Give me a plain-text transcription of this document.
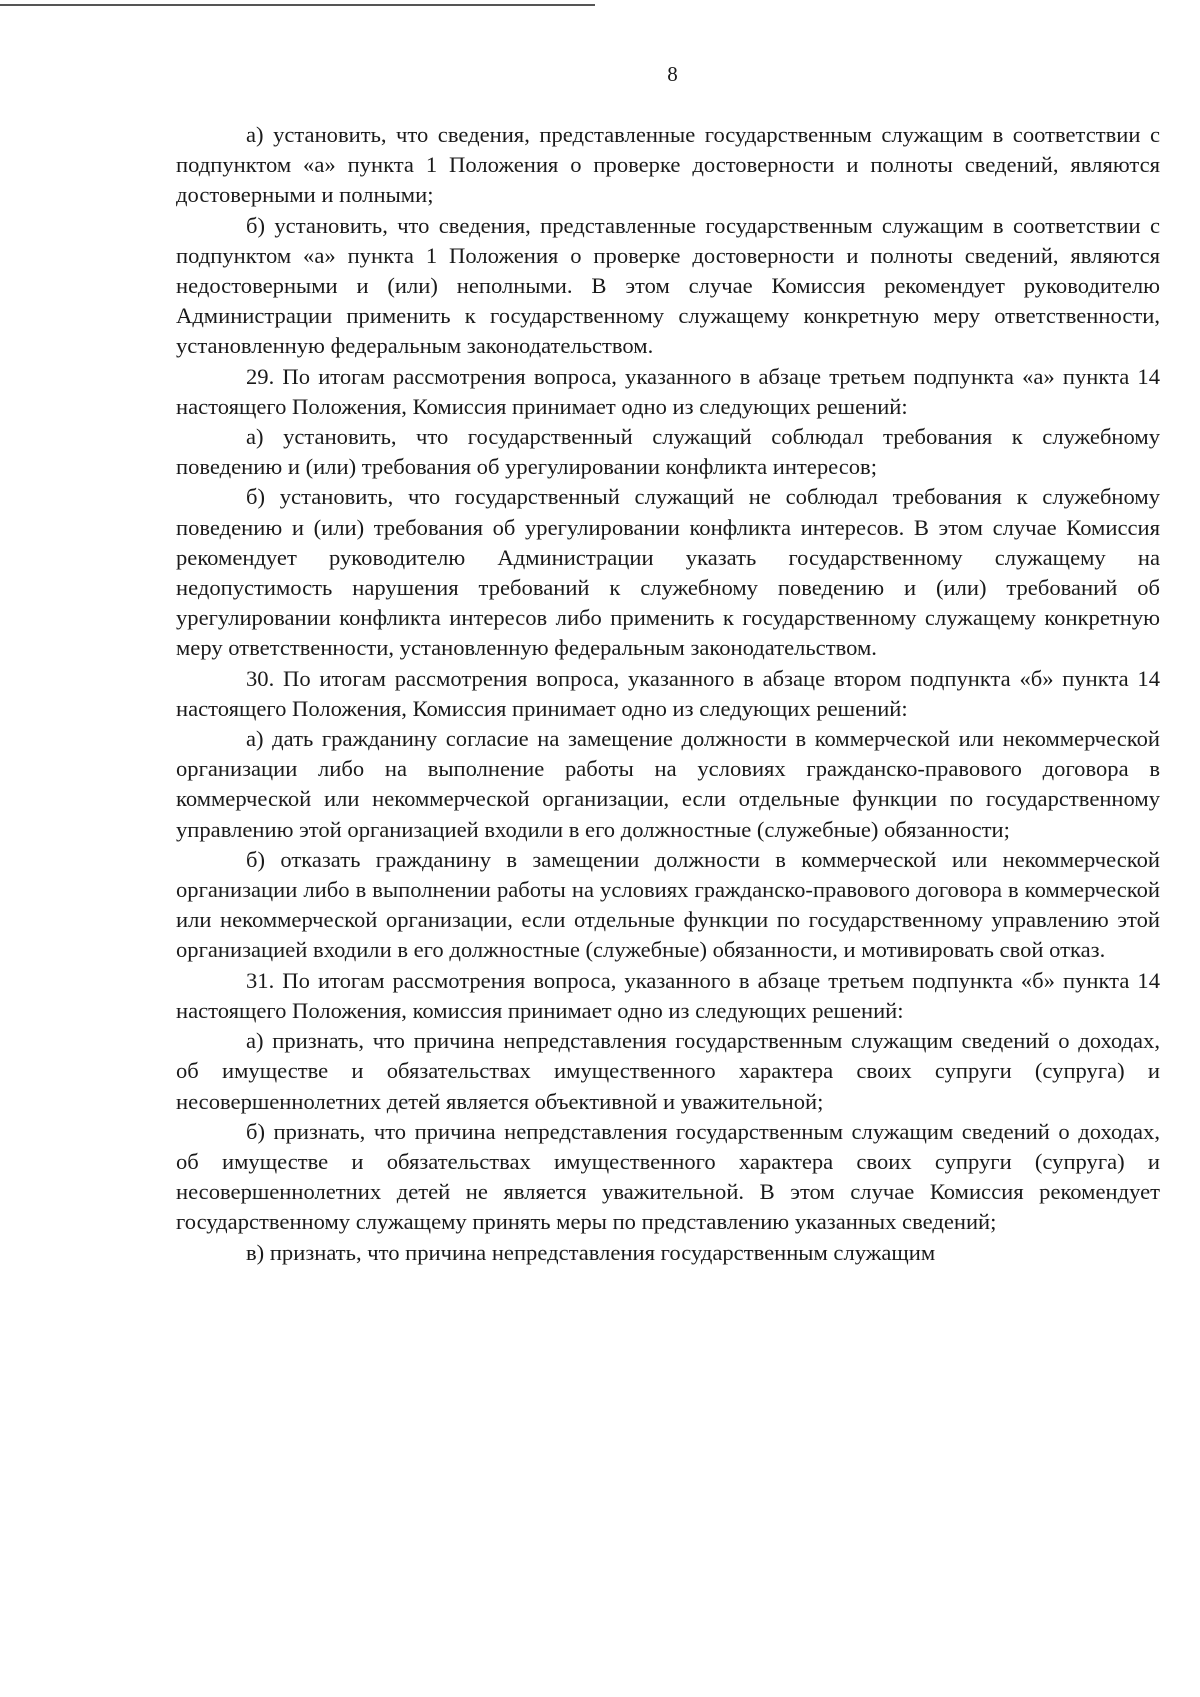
8

а) установить, что сведения, представленные государственным служащим в соответствии с подпунктом «а» пункта 1 Положения о проверке достоверности и полноты сведений, являются достоверными и полными;

б) установить, что сведения, представленные государственным служащим в соответствии с подпунктом «а» пункта 1 Положения о проверке достоверности и полноты сведений, являются недостоверными и (или) неполными. В этом случае Комиссия рекомендует руководителю Администрации применить к государственному служащему конкретную меру ответственности, установленную федеральным законодательством.

29. По итогам рассмотрения вопроса, указанного в абзаце третьем подпункта «а» пункта 14 настоящего Положения, Комиссия принимает одно из следующих решений:

а) установить, что государственный служащий соблюдал требования к служебному поведению и (или) требования об урегулировании конфликта интересов;

б) установить, что государственный служащий не соблюдал требования к служебному поведению и (или) требования об урегулировании конфликта интересов. В этом случае Комиссия рекомендует руководителю Администрации указать государственному служащему на недопустимость нарушения требований к служебному поведению и (или) требований об урегулировании конфликта интересов либо применить к государственному служащему конкретную меру ответственности, установленную федеральным законодательством.

30. По итогам рассмотрения вопроса, указанного в абзаце втором подпункта «б» пункта 14 настоящего Положения, Комиссия принимает одно из следующих решений:

а) дать гражданину согласие на замещение должности в коммерческой или некоммерческой организации либо на выполнение работы на условиях гражданско-правового договора в коммерческой или некоммерческой организации, если отдельные функции по государственному управлению этой организацией входили в его должностные (служебные) обязанности;

б) отказать гражданину в замещении должности в коммерческой или некоммерческой организации либо в выполнении работы на условиях гражданско-правового договора в коммерческой или некоммерческой организации, если отдельные функции по государственному управлению этой организацией входили в его должностные (служебные) обязанности, и мотивировать свой отказ.

31. По итогам рассмотрения вопроса, указанного в абзаце третьем подпункта «б» пункта 14 настоящего Положения, комиссия принимает одно из следующих решений:

а) признать, что причина непредставления государственным служащим сведений о доходах, об имуществе и обязательствах имущественного характера своих супруги (супруга) и несовершеннолетних детей является объективной и уважительной;

б) признать, что причина непредставления государственным служащим сведений о доходах, об имуществе и обязательствах имущественного характера своих супруги (супруга) и несовершеннолетних детей не является уважительной. В этом случае Комиссия рекомендует государственному служащему принять меры по представлению указанных сведений;

в) признать, что причина непредставления государственным служащим
